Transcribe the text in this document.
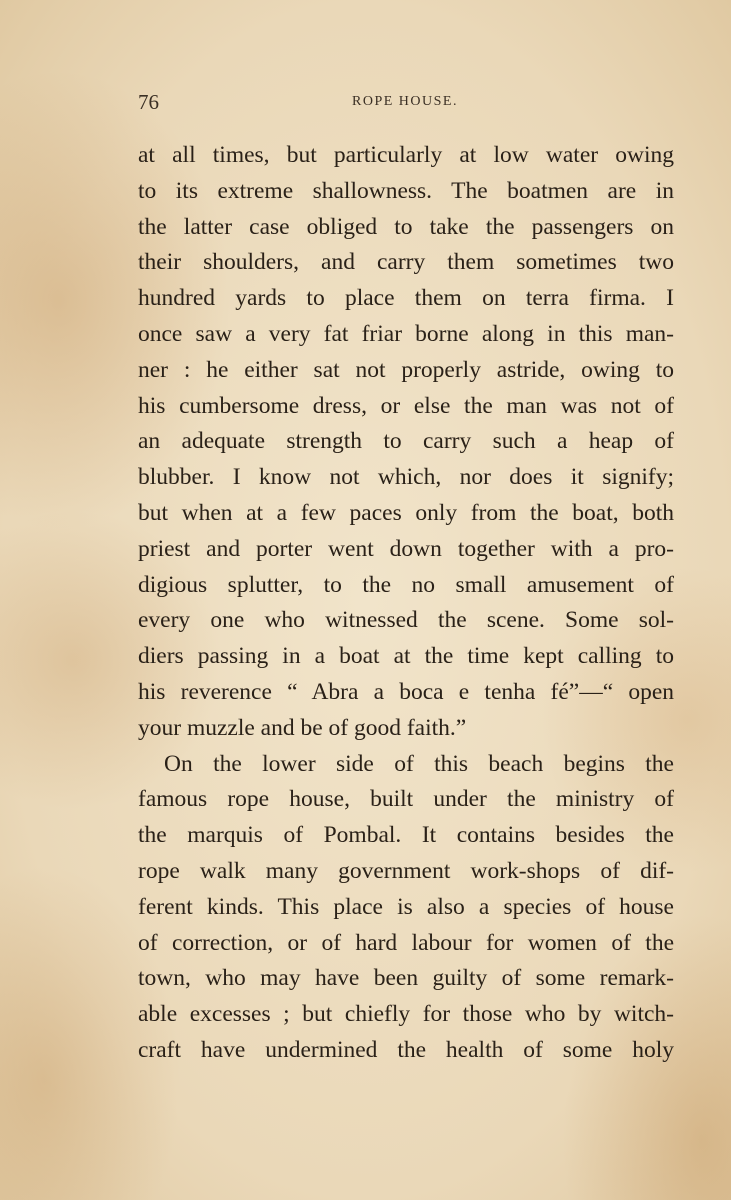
76	ROPE HOUSE.
at all times, but particularly at low water owing
to its extreme shallowness. The boatmen are in
the latter case obliged to take the passengers on
their shoulders, and carry them sometimes two
hundred yards to place them on terra firma. I
once saw a very fat friar borne along in this man-
ner : he either sat not properly astride, owing to
his cumbersome dress, or else the man was not of
an adequate strength to carry such a heap of
blubber. I know not which, nor does it signify;
but when at a few paces only from the boat, both
priest and porter went down together with a pro-
digious splutter, to the no small amusement of
every one who witnessed the scene. Some sol-
diers passing in a boat at the time kept calling to
his reverence “ Abra a boca e tenha fé”—“ open
your muzzle and be of good faith.”
On the lower side of this beach begins the
famous rope house, built under the ministry of
the marquis of Pombal. It contains besides the
rope walk many government work-shops of dif-
ferent kinds. This place is also a species of house
of correction, or of hard labour for women of the
town, who may have been guilty of some remark-
able excesses ; but chiefly for those who by witch-
craft have undermined the health of some holy
